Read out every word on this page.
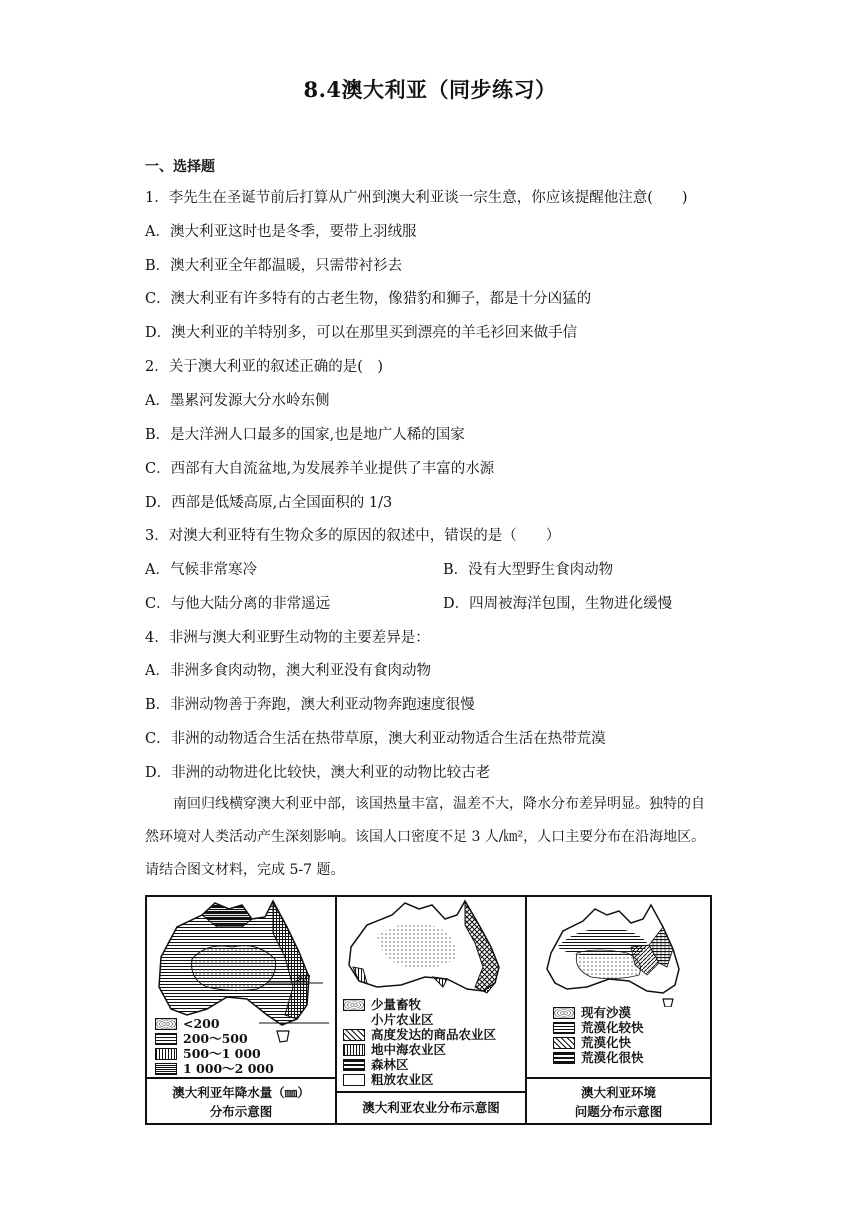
8.4澳大利亚（同步练习）
一、选择题
1．李先生在圣诞节前后打算从广州到澳大利亚谈一宗生意，你应该提醒他注意(　　)
A．澳大利亚这时也是冬季，要带上羽绒服
B．澳大利亚全年都温暖，只需带衬衫去
C．澳大利亚有许多特有的古老生物，像猎豹和狮子，都是十分凶猛的
D．澳大利亚的羊特别多，可以在那里买到漂亮的羊毛衫回来做手信
2．关于澳大利亚的叙述正确的是(　)
A．墨累河发源大分水岭东侧
B．是大洋洲人口最多的国家,也是地广人稀的国家
C．西部有大自流盆地,为发展养羊业提供了丰富的水源
D．西部是低矮高原,占全国面积的 1/3
3．对澳大利亚特有生物众多的原因的叙述中，错误的是（　　）
A．气候非常寒冷	B．没有大型野生食肉动物
C．与他大陆分离的非常遥远	D．四周被海洋包围，生物进化缓慢
4．非洲与澳大利亚野生动物的主要差异是：
A．非洲多食肉动物，澳大利亚没有食肉动物
B．非洲动物善于奔跑，澳大利亚动物奔跑速度很慢
C．非洲的动物适合生活在热带草原，澳大利亚动物适合生活在热带荒漠
D．非洲的动物进化比较快，澳大利亚的动物比较古老
南回归线横穿澳大利亚中部，该国热量丰富，温差不大，降水分布差异明显。独特的自然环境对人类活动产生深刻影响。该国人口密度不足 3 人/㎞²，人口主要分布在沿海地区。请结合图文材料，完成 5-7 题。
30°
<200
200～500
500～1 000
1 000～2 000
澳大利亚年降水量（㎜）
分布示意图
少量畜牧
小片农业区
高度发达的商品农业区
地中海农业区
森林区
粗放农业区
澳大利亚农业分布示意图
现有沙漠
荒漠化较快
荒漠化快
荒漠化很快
澳大利亚环境
问题分布示意图
